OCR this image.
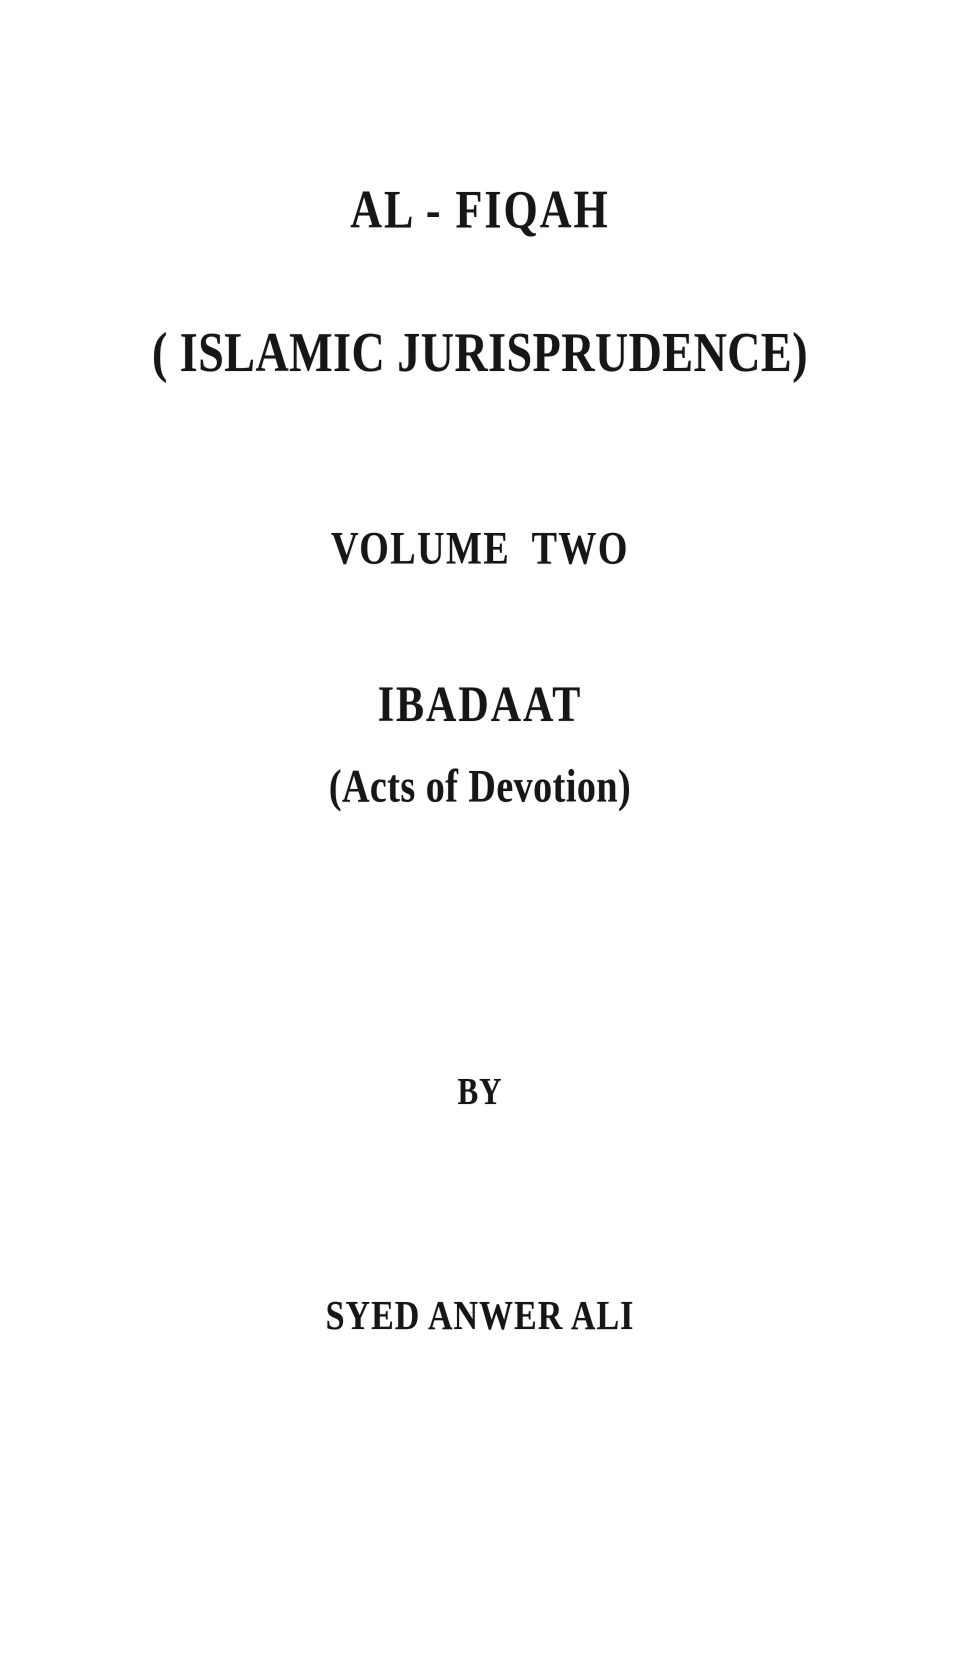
AL - FIQAH
( ISLAMIC JURISPRUDENCE)
VOLUME  TWO
IBADAAT
(Acts of Devotion)
BY
SYED ANWER ALI
